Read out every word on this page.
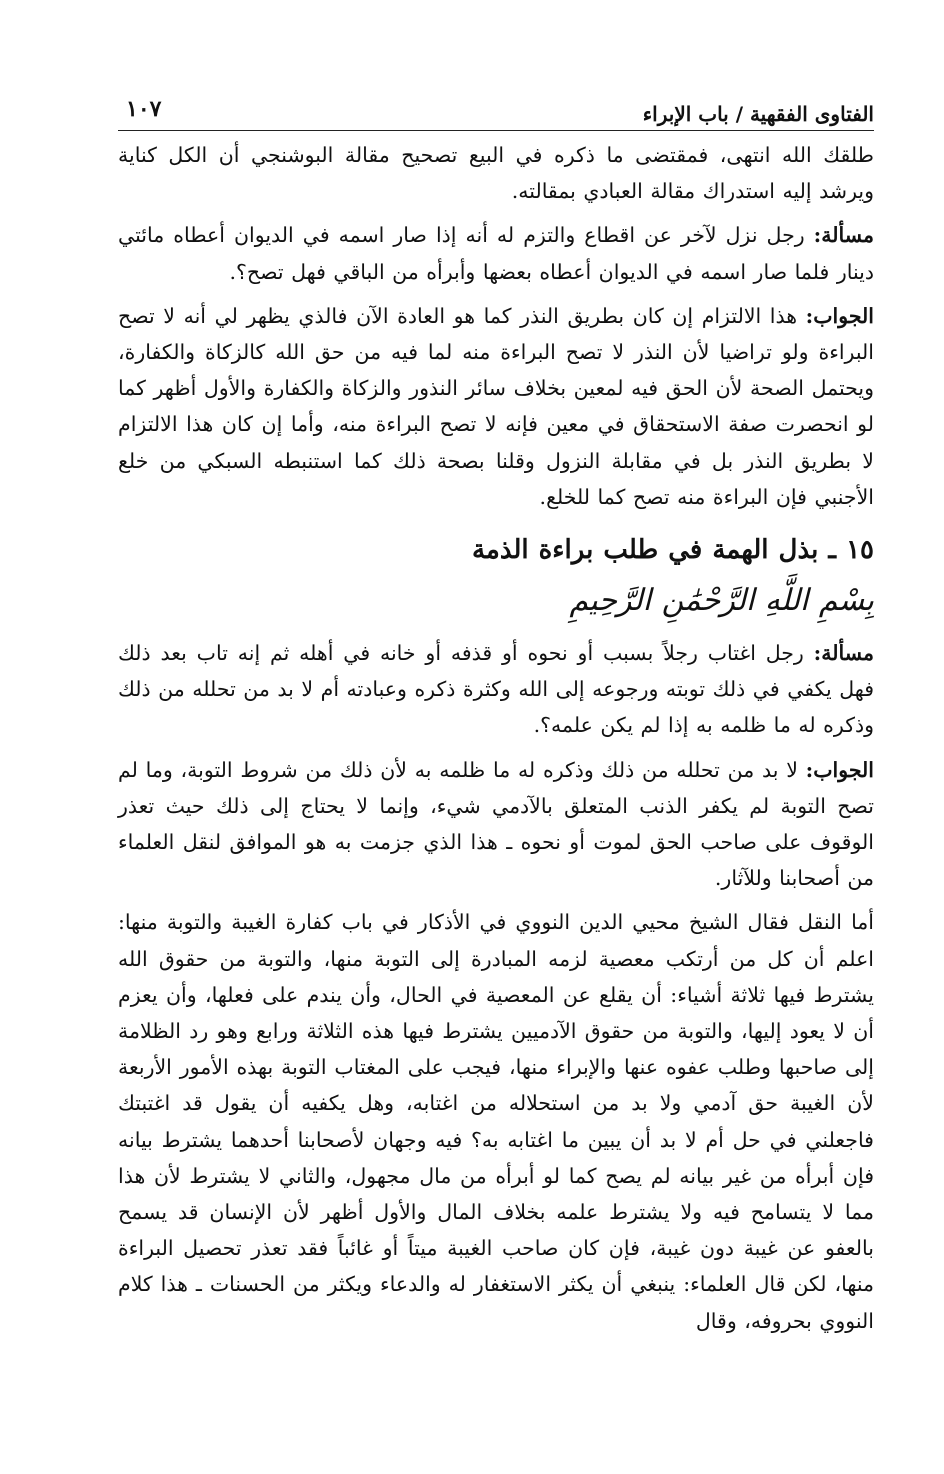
الفتاوى الفقهية / باب الإبراء
١٠٧

طلقك الله انتهى، فمقتضى ما ذكره في البيع تصحيح مقالة البوشنجي أن الكل كناية ويرشد إليه استدراك مقالة العبادي بمقالته.

مسألة: رجل نزل لآخر عن اقطاع والتزم له أنه إذا صار اسمه في الديوان أعطاه مائتي دينار فلما صار اسمه في الديوان أعطاه بعضها وأبرأه من الباقي فهل تصح؟.

الجواب: هذا الالتزام إن كان بطريق النذر كما هو العادة الآن فالذي يظهر لي أنه لا تصح البراءة ولو تراضيا لأن النذر لا تصح البراءة منه لما فيه من حق الله كالزكاة والكفارة، ويحتمل الصحة لأن الحق فيه لمعين بخلاف سائر النذور والزكاة والكفارة والأول أظهر كما لو انحصرت صفة الاستحقاق في معين فإنه لا تصح البراءة منه، وأما إن كان هذا الالتزام لا بطريق النذر بل في مقابلة النزول وقلنا بصحة ذلك كما استنبطه السبكي من خلع الأجنبي فإن البراءة منه تصح كما للخلع.

١٥ ـ بذل الهمة في طلب براءة الذمة
بِسْمِ اللَّهِ الرَّحْمَٰنِ الرَّحِيمِ

مسألة: رجل اغتاب رجلاً بسبب أو نحوه أو قذفه أو خانه في أهله ثم إنه تاب بعد ذلك فهل يكفي في ذلك توبته ورجوعه إلى الله وكثرة ذكره وعبادته أم لا بد من تحلله من ذلك وذكره له ما ظلمه به إذا لم يكن علمه؟.

الجواب: لا بد من تحلله من ذلك وذكره له ما ظلمه به لأن ذلك من شروط التوبة، وما لم تصح التوبة لم يكفر الذنب المتعلق بالآدمي شيء، وإنما لا يحتاج إلى ذلك حيث تعذر الوقوف على صاحب الحق لموت أو نحوه ـ هذا الذي جزمت به هو الموافق لنقل العلماء من أصحابنا وللآثار.

أما النقل فقال الشيخ محيي الدين النووي في الأذكار في باب كفارة الغيبة والتوبة منها: اعلم أن كل من أرتكب معصية لزمه المبادرة إلى التوبة منها، والتوبة من حقوق الله يشترط فيها ثلاثة أشياء: أن يقلع عن المعصية في الحال، وأن يندم على فعلها، وأن يعزم أن لا يعود إليها، والتوبة من حقوق الآدميين يشترط فيها هذه الثلاثة ورابع وهو رد الظلامة إلى صاحبها وطلب عفوه عنها والإبراء منها، فيجب على المغتاب التوبة بهذه الأمور الأربعة لأن الغيبة حق آدمي ولا بد من استحلاله من اغتابه، وهل يكفيه أن يقول قد اغتبتك فاجعلني في حل أم لا بد أن يبين ما اغتابه به؟ فيه وجهان لأصحابنا أحدهما يشترط بيانه فإن أبرأه من غير بيانه لم يصح كما لو أبرأه من مال مجهول، والثاني لا يشترط لأن هذا مما لا يتسامح فيه ولا يشترط علمه بخلاف المال والأول أظهر لأن الإنسان قد يسمح بالعفو عن غيبة دون غيبة، فإن كان صاحب الغيبة ميتاً أو غائباً فقد تعذر تحصيل البراءة منها، لكن قال العلماء: ينبغي أن يكثر الاستغفار له والدعاء ويكثر من الحسنات ـ هذا كلام النووي بحروفه، وقال
